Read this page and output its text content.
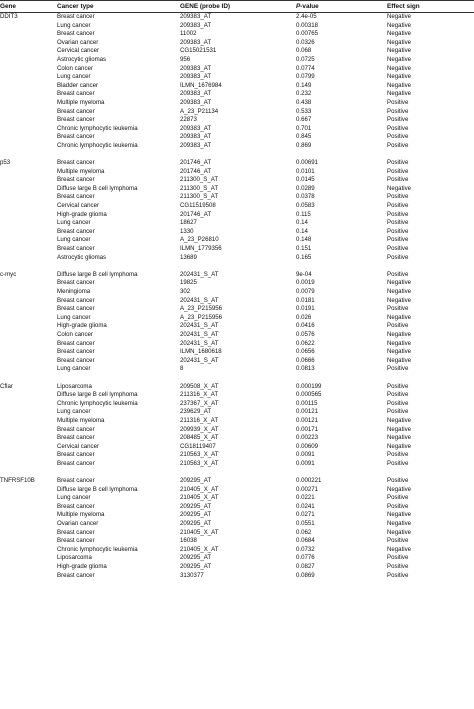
Gene	Cancer type	GENE (probe ID)	P-value	Effect sign
DDIT3	Breast cancer	209383_AT	2.4e-05	Negative
	Lung cancer	209383_AT	0.00318	Negative
	Breast cancer	11002	0.00765	Negative
	Ovarian cancer	209383_AT	0.0326	Negative
	Cervical cancer	CG15021531	0.068	Negative
	Astrocytic gliomas	956	0.0725	Negative
	Colon cancer	209383_AT	0.0774	Negative
	Lung cancer	209383_AT	0.0799	Negative
	Bladder cancer	ILMN_1676984	0.149	Negative
	Breast cancer	209383_AT	0.232	Negative
	Multiple myeloma	209383_AT	0.438	Positive
	Breast cancer	A_23_P21134	0.533	Positive
	Breast cancer	22873	0.667	Positive
	Chronic lymphocytic leukemia	209383_AT	0.701	Positive
	Breast cancer	209383_AT	0.845	Positive
	Chronic lymphocytic leukemia	209383_AT	0.869	Positive

p53	Breast cancer	201746_AT	0.00691	Positive
	Multiple myeloma	201746_AT	0.0101	Positive
	Breast cancer	211300_S_AT	0.0145	Positive
	Diffuse large B cell lymphoma	211300_S_AT	0.0289	Negative
	Breast cancer	211300_S_AT	0.0378	Positive
	Cervical cancer	CG11519508	0.0583	Positive
	High-grade glioma	201746_AT	0.115	Positive
	Lung cancer	18627	0.14	Positive
	Breast cancer	1330	0.14	Positive
	Lung cancer	A_23_P26810	0.148	Positive
	Breast cancer	ILMN_1779356	0.151	Positive
	Astrocytic gliomas	13689	0.165	Positive

c-myc	Diffuse large B cell lymphoma	202431_S_AT	9e-04	Positive
	Breast cancer	19825	0.0019	Negative
	Meningioma	302	0.0079	Negative
	Breast cancer	202431_S_AT	0.0181	Negative
	Breast cancer	A_23_P215956	0.0191	Positive
	Lung cancer	A_23_P215956	0.026	Negative
	High-grade glioma	202431_S_AT	0.0416	Positive
	Colon cancer	202431_S_AT	0.0576	Negative
	Breast cancer	202431_S_AT	0.0622	Negative
	Breast cancer	ILMN_1680618	0.0656	Negative
	Breast cancer	202431_S_AT	0.0666	Negative
	Lung cancer	8	0.0813	Positive

Cflar	Liposarcoma	209508_X_AT	0.000199	Positive
	Diffuse large B cell lymphoma	211316_X_AT	0.000565	Positive
	Chronic lymphocytic leukemia	237367_X_AT	0.00115	Positive
	Lung cancer	239629_AT	0.00121	Positive
	Multiple myeloma	211316_X_AT	0.00121	Negative
	Breast cancer	209939_X_AT	0.00171	Negative
	Breast cancer	208485_X_AT	0.00223	Negative
	Cervical cancer	CG18119407	0.00609	Negative
	Breast cancer	210563_X_AT	0.0091	Positive
	Breast cancer	210563_X_AT	0.0091	Positive

TNFRSF10B	Breast cancer	209295_AT	0.000221	Positive
	Diffuse large B cell lymphoma	210405_X_AT	0.00271	Negative
	Lung cancer	210405_X_AT	0.0221	Positive
	Breast cancer	209295_AT	0.0241	Positive
	Multiple myeloma	209295_AT	0.0271	Negative
	Ovarian cancer	209295_AT	0.0551	Negative
	Breast cancer	210405_X_AT	0.062	Negative
	Breast cancer	16038	0.0684	Positive
	Chronic lymphocytic leukemia	210405_X_AT	0.0732	Negative
	Liposarcoma	209295_AT	0.0776	Positive
	High-grade glioma	209295_AT	0.0827	Positive
	Breast cancer	3130377	0.0869	Positive
